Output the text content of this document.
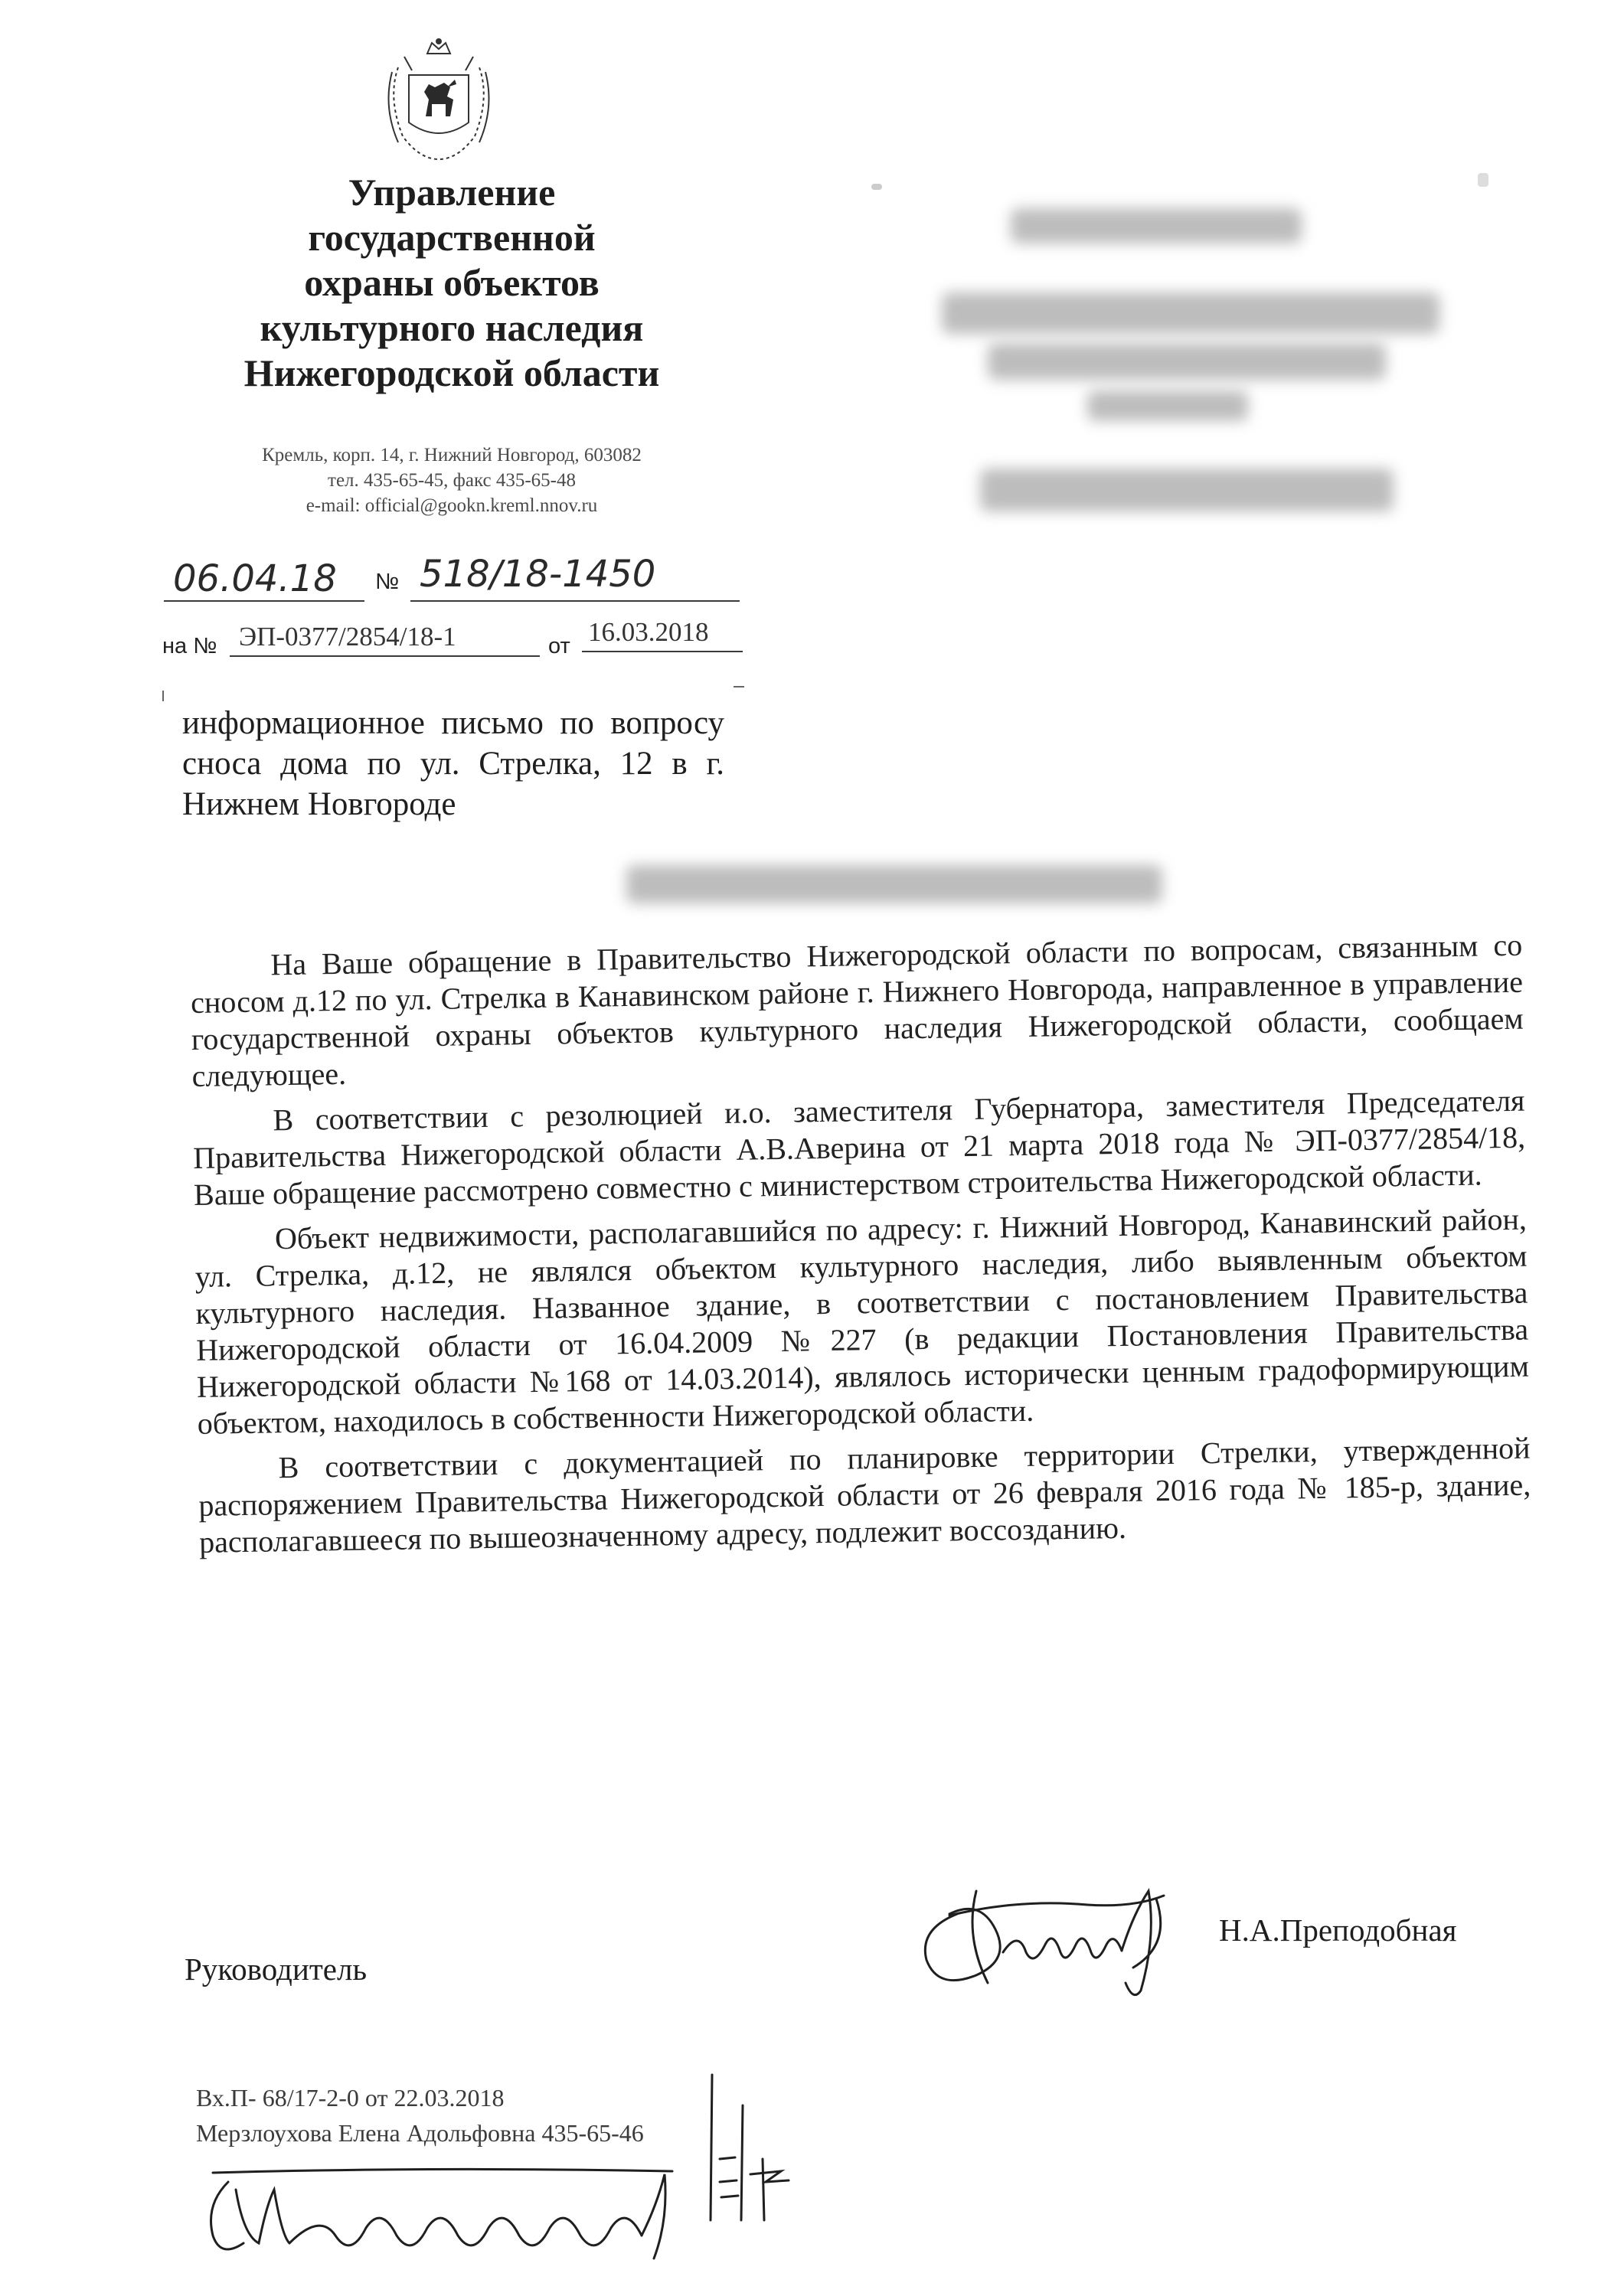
Управление
государственной
охраны объектов
культурного наследия
Нижегородской области
Кремль, корп. 14, г. Нижний Новгород, 603082
тел. 435-65-45, факс 435-65-48
e-mail: official@gookn.kreml.nnov.ru
06.04.18 № 518/18-1450
на № ЭП-0377/2854/18-1	от 16.03.2018
информационное письмо по вопросу сноса дома по ул. Стрелка, 12 в г. Нижнем Новгороде

На Ваше обращение в Правительство Нижегородской области по вопросам, связанным со сносом д.12 по ул. Стрелка в Канавинском районе г. Нижнего Новгорода, направленное в управление государственной охраны объектов культурного наследия Нижегородской области, сообщаем следующее.

В соответствии с резолюцией и.о. заместителя Губернатора, заместителя Председателя Правительства Нижегородской области А.В.Аверина от 21 марта 2018 года № ЭП-0377/2854/18, Ваше обращение рассмотрено совместно с министерством строительства Нижегородской области.

Объект недвижимости, располагавшийся по адресу: г. Нижний Новгород, Канавинский район, ул. Стрелка, д.12, не являлся объектом культурного наследия, либо выявленным объектом культурного наследия. Названное здание, в соответствии с постановлением Правительства Нижегородской области от 16.04.2009 №227 (в редакции Постановления Правительства Нижегородской области №168 от 14.03.2014), являлось исторически ценным градоформирующим объектом, находилось в собственности Нижегородской области.

В соответствии с документацией по планировке территории Стрелки, утвержденной распоряжением Правительства Нижегородской области от 26 февраля 2016 года № 185-р, здание, располагавшееся по вышеозначенному адресу, подлежит воссозданию.

Руководитель
Н.А.Преподобная
Вх.П- 68/17-2-0 от 22.03.2018
Мерзлоухова Елена Адольфовна 435-65-46
